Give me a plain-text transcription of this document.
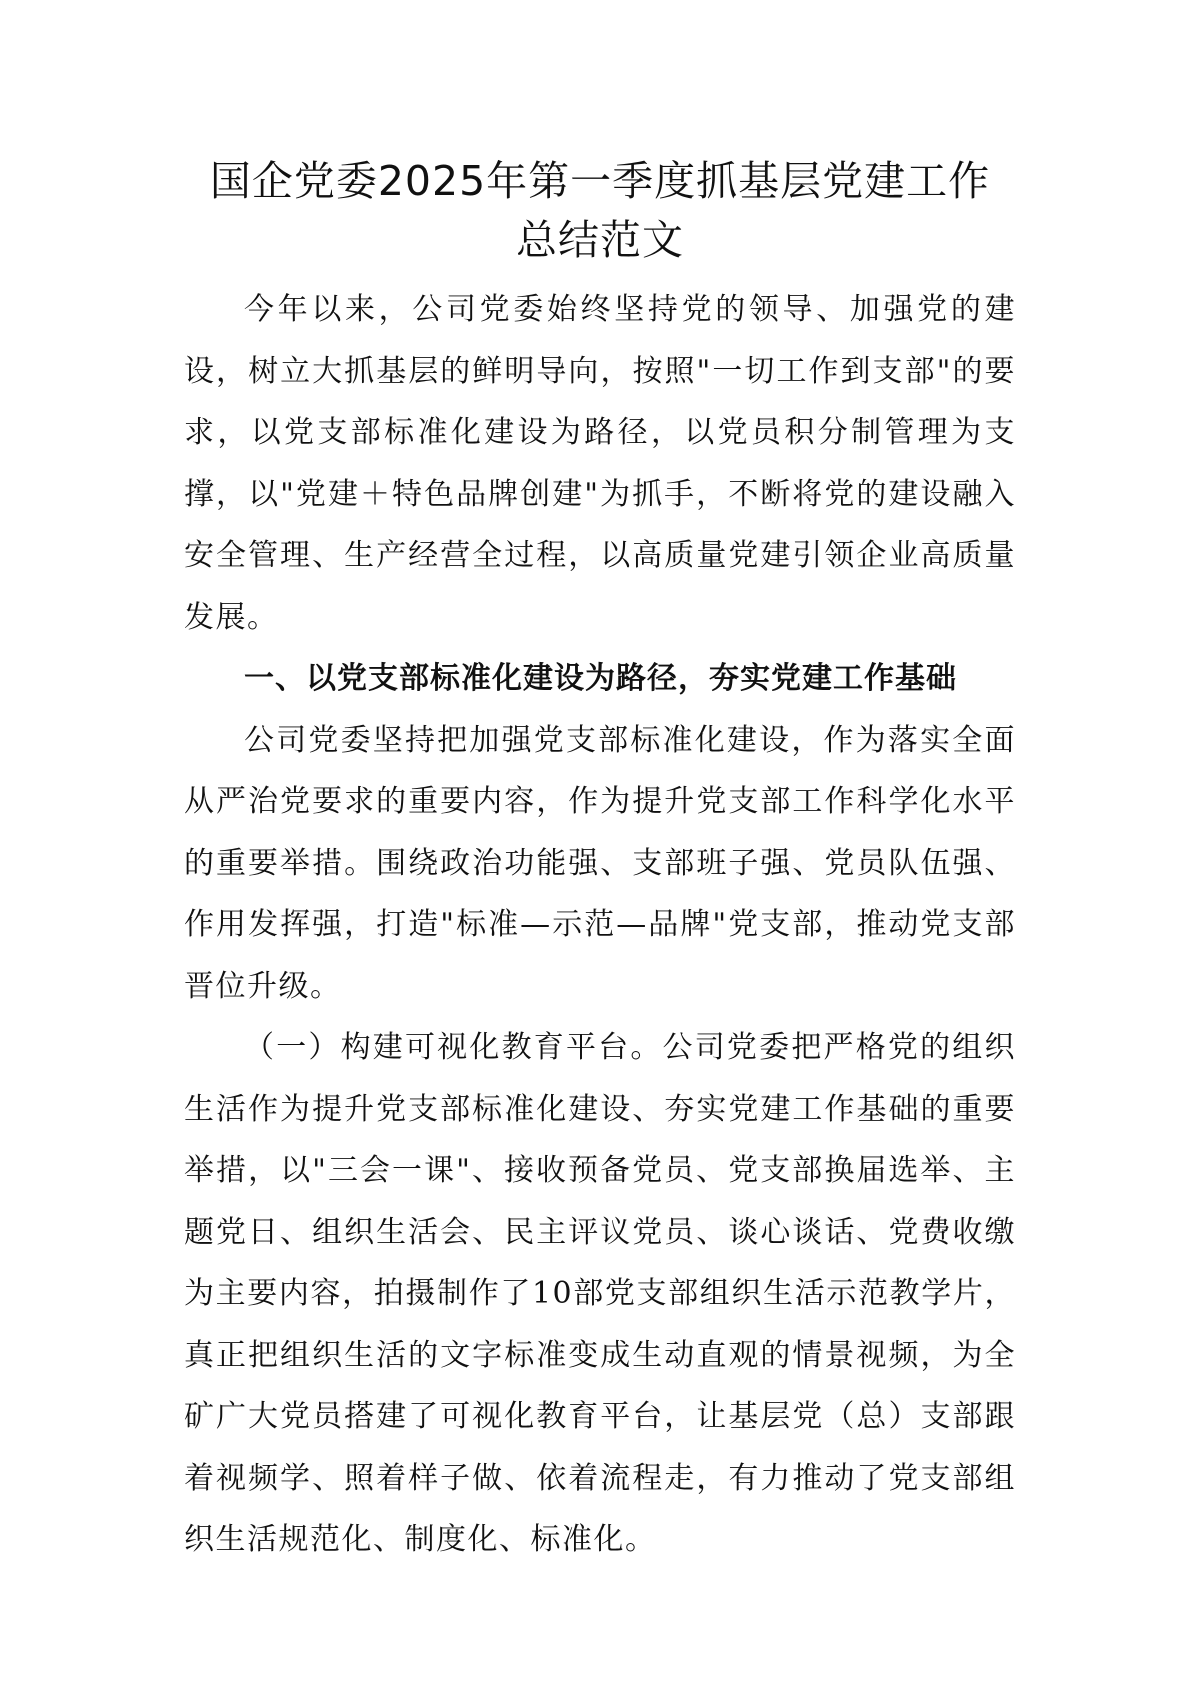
国企党委2025年第一季度抓基层党建工作
总结范文

今年以来，公司党委始终坚持党的领导、加强党的建设，树立大抓基层的鲜明导向，按照"一切工作到支部"的要求，以党支部标准化建设为路径，以党员积分制管理为支撑，以"党建＋特色品牌创建"为抓手，不断将党的建设融入安全管理、生产经营全过程，以高质量党建引领企业高质量发展。

一、以党支部标准化建设为路径，夯实党建工作基础

公司党委坚持把加强党支部标准化建设，作为落实全面从严治党要求的重要内容，作为提升党支部工作科学化水平的重要举措。围绕政治功能强、支部班子强、党员队伍强、作用发挥强，打造"标准—示范—品牌"党支部，推动党支部晋位升级。

（一）构建可视化教育平台。公司党委把严格党的组织生活作为提升党支部标准化建设、夯实党建工作基础的重要举措，以"三会一课"、接收预备党员、党支部换届选举、主题党日、组织生活会、民主评议党员、谈心谈话、党费收缴为主要内容，拍摄制作了10部党支部组织生活示范教学片，真正把组织生活的文字标准变成生动直观的情景视频，为全矿广大党员搭建了可视化教育平台，让基层党（总）支部跟着视频学、照着样子做、依着流程走，有力推动了党支部组织生活规范化、制度化、标准化。
